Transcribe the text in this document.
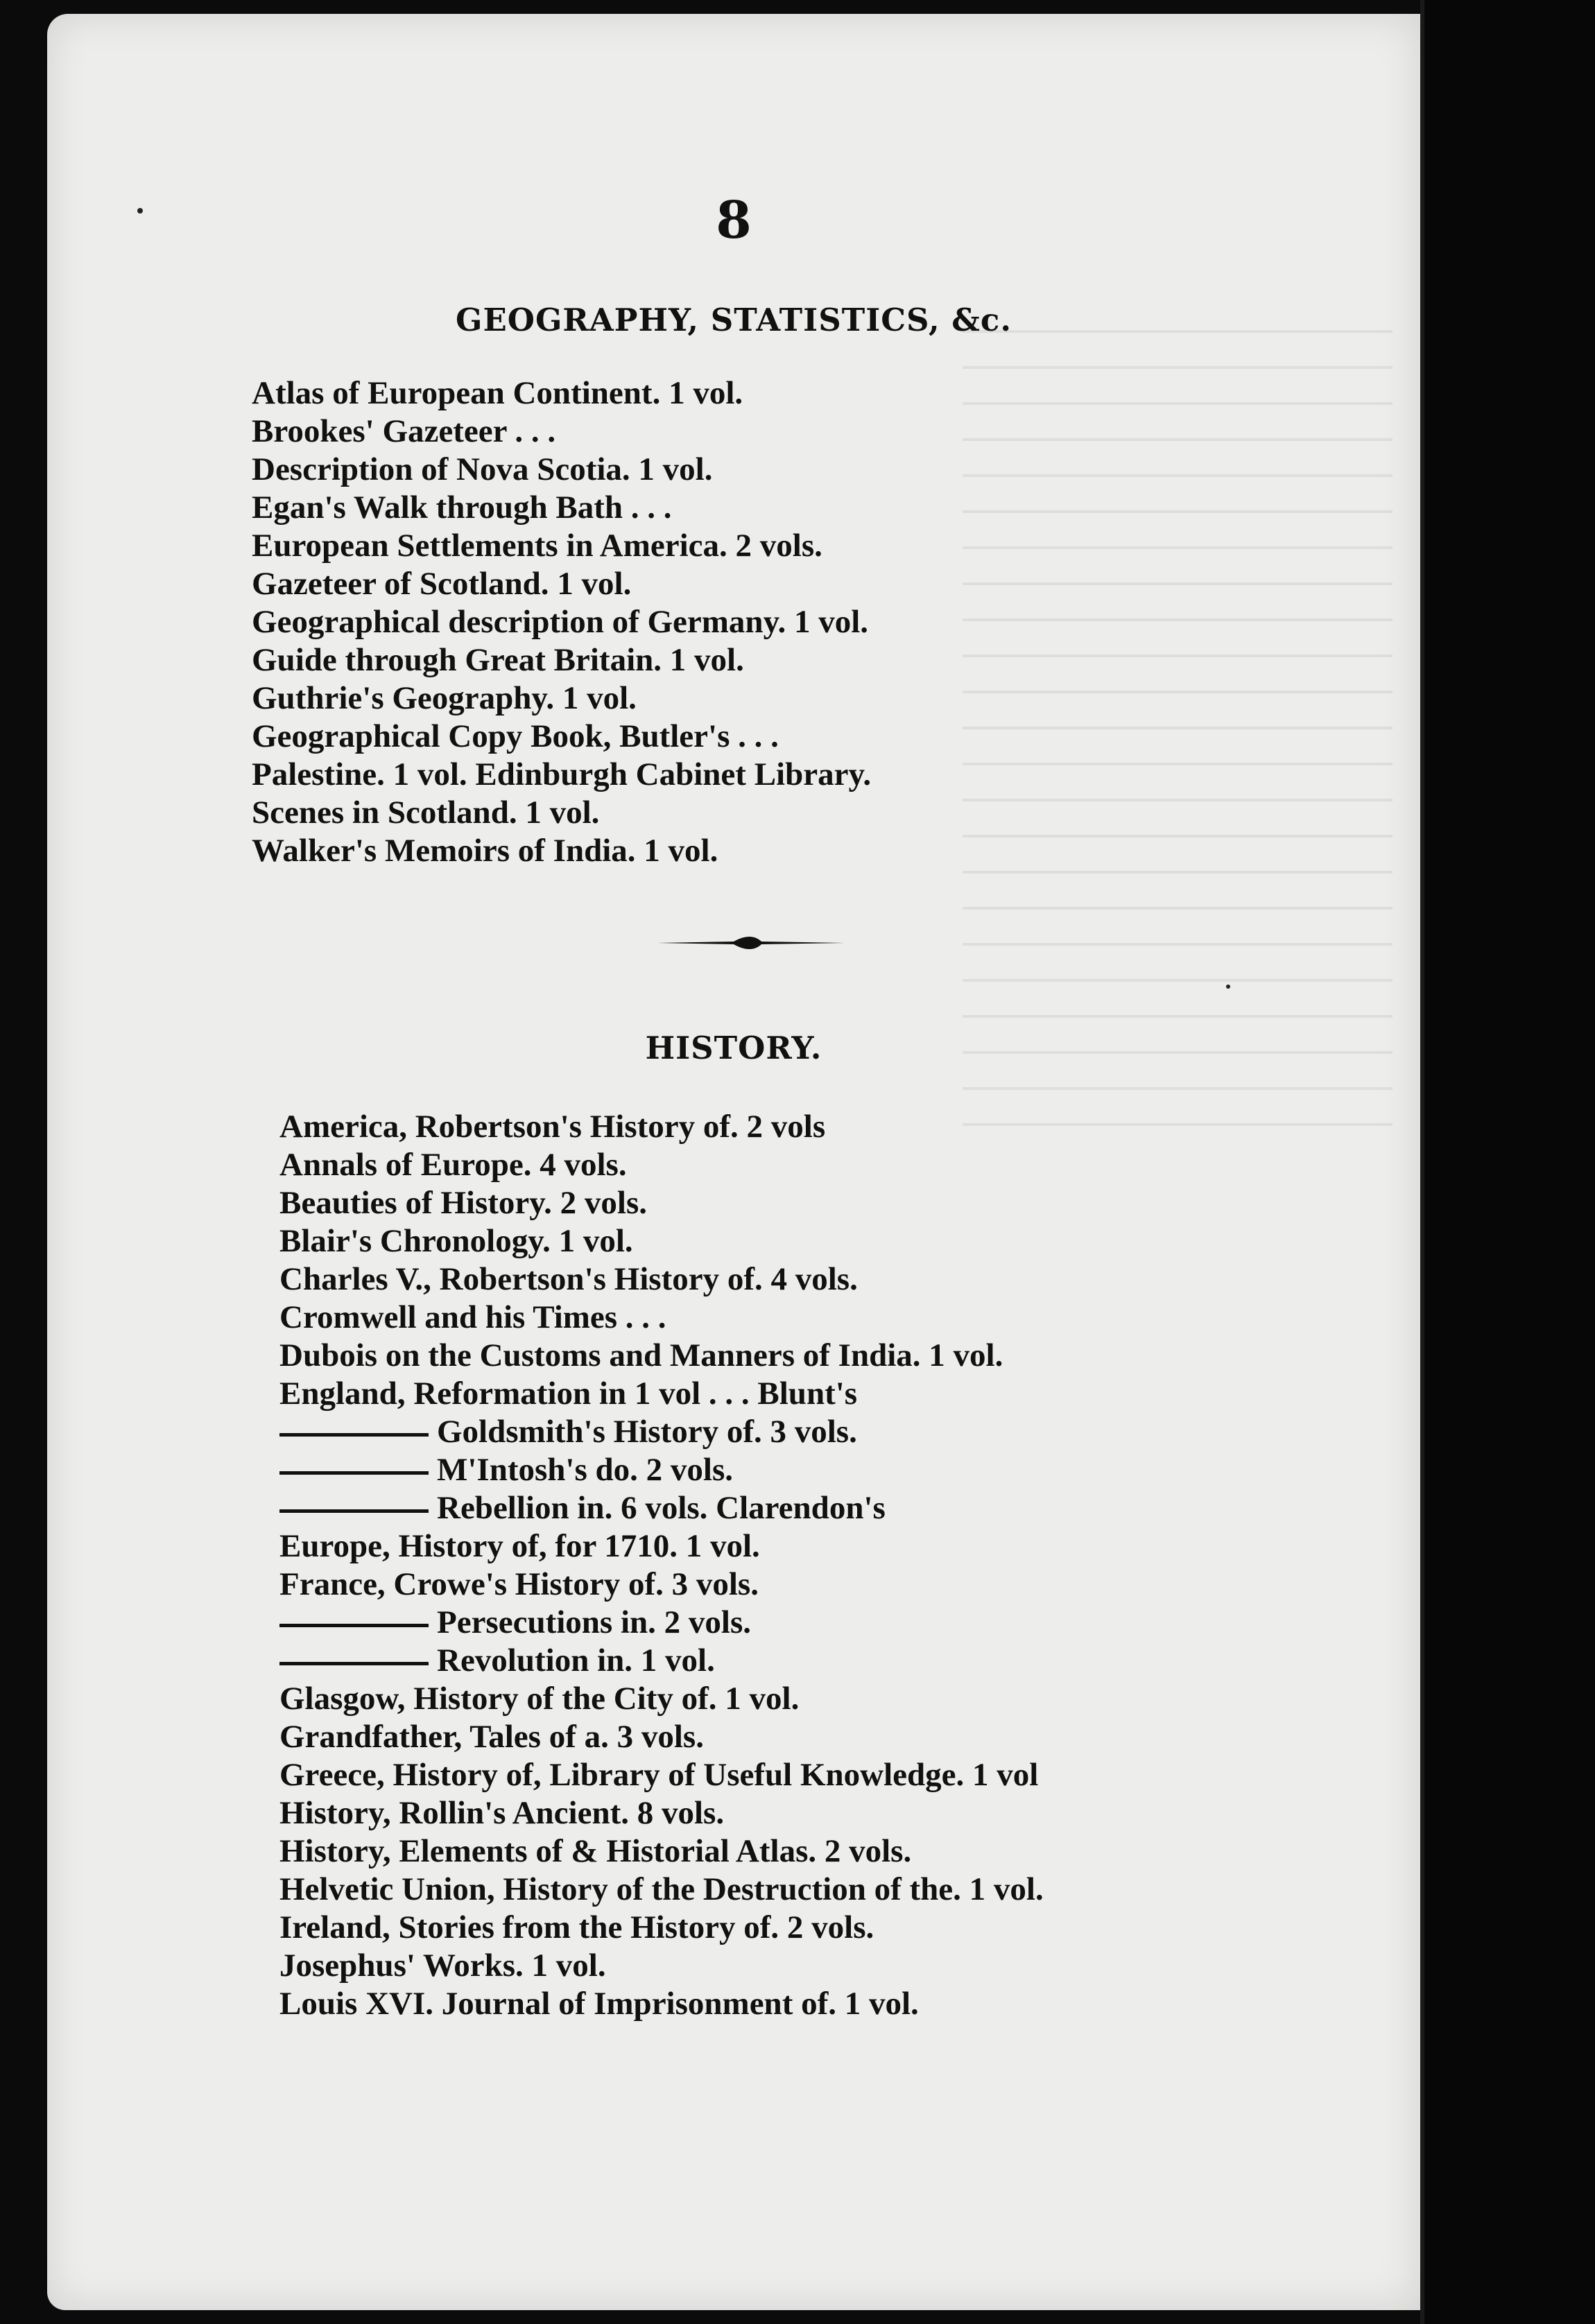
8
GEOGRAPHY, STATISTICS, &c.
Atlas of European Continent. 1 vol.
Brookes' Gazeteer . . .
Description of Nova Scotia. 1 vol.
Egan's Walk through Bath . . .
European Settlements in America. 2 vols.
Gazeteer of Scotland. 1 vol.
Geographical description of Germany. 1 vol.
Guide through Great Britain. 1 vol.
Guthrie's Geography. 1 vol.
Geographical Copy Book, Butler's . . .
Palestine. 1 vol. Edinburgh Cabinet Library.
Scenes in Scotland. 1 vol.
Walker's Memoirs of India. 1 vol.
HISTORY.
America, Robertson's History of. 2 vols
Annals of Europe. 4 vols.
Beauties of History. 2 vols.
Blair's Chronology. 1 vol.
Charles V., Robertson's History of. 4 vols.
Cromwell and his Times . . .
Dubois on the Customs and Manners of India. 1 vol.
England, Reformation in 1 vol . . . Blunt's
Goldsmith's History of. 3 vols.
M'Intosh's do. 2 vols.
Rebellion in. 6 vols. Clarendon's
Europe, History of, for 1710. 1 vol.
France, Crowe's History of. 3 vols.
Persecutions in. 2 vols.
Revolution in. 1 vol.
Glasgow, History of the City of. 1 vol.
Grandfather, Tales of a. 3 vols.
Greece, History of, Library of Useful Knowledge. 1 vol
History, Rollin's Ancient. 8 vols.
History, Elements of & Historial Atlas. 2 vols.
Helvetic Union, History of the Destruction of the. 1 vol.
Ireland, Stories from the History of. 2 vols.
Josephus' Works. 1 vol.
Louis XVI. Journal of Imprisonment of. 1 vol.
